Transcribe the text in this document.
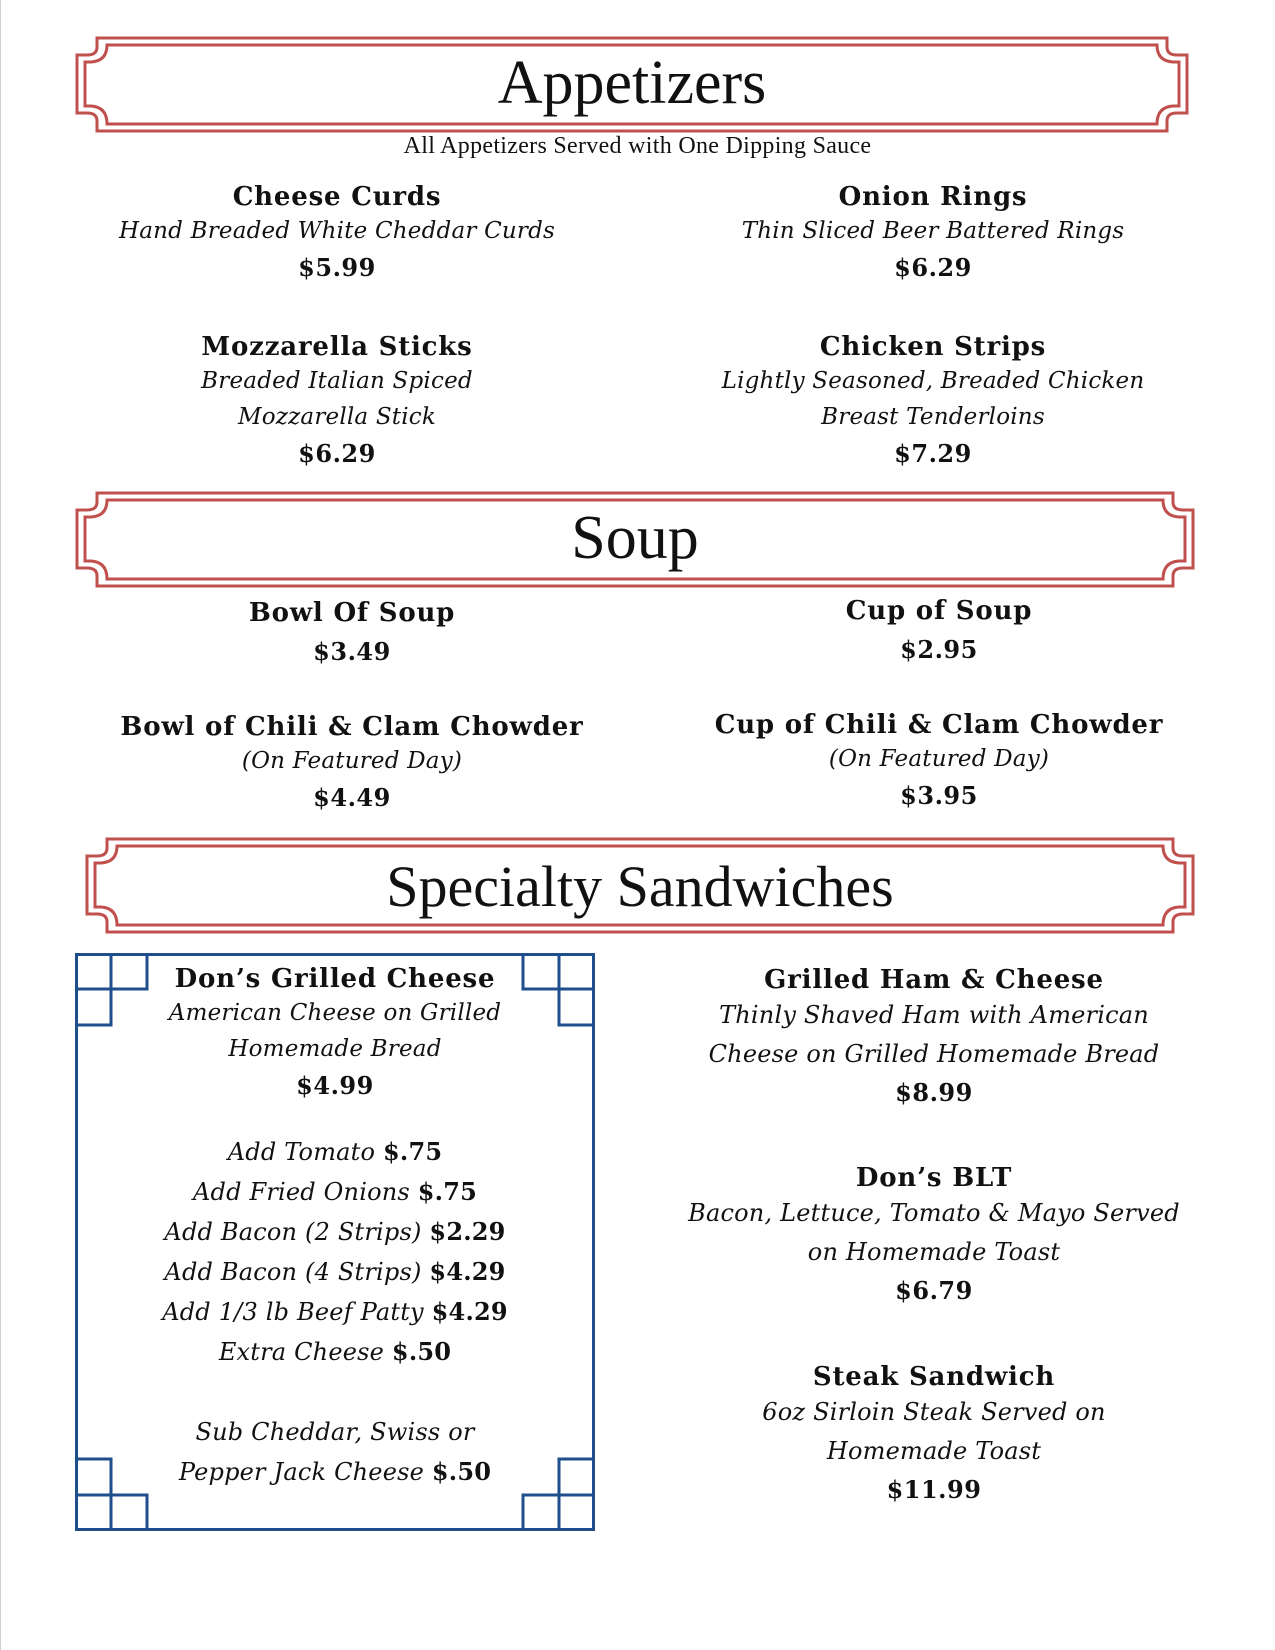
Appetizers
All Appetizers Served with One Dipping Sauce
Cheese Curds
Hand Breaded White Cheddar Curds
$5.99
Onion Rings
Thin Sliced Beer Battered Rings
$6.29
Mozzarella Sticks
Breaded Italian Spiced
Mozzarella Stick
$6.29
Chicken Strips
Lightly Seasoned, Breaded Chicken
Breast Tenderloins
$7.29
Soup
Bowl Of Soup
$3.49
Cup of Soup
$2.95
Bowl of Chili & Clam Chowder
(On Featured Day)
$4.49
Cup of Chili & Clam Chowder
(On Featured Day)
$3.95
Specialty Sandwiches
Don’s Grilled Cheese
American Cheese on Grilled
Homemade Bread
$4.99
Add Tomato $.75
Add Fried Onions $.75
Add Bacon (2 Strips) $2.29
Add Bacon (4 Strips) $4.29
Add 1/3 lb Beef Patty $4.29
Extra Cheese $.50
Sub Cheddar, Swiss or
Pepper Jack Cheese $.50
Grilled Ham & Cheese
Thinly Shaved Ham with American
Cheese on Grilled Homemade Bread
$8.99
Don’s BLT
Bacon, Lettuce, Tomato & Mayo Served
on Homemade Toast
$6.79
Steak Sandwich
6oz Sirloin Steak Served on
Homemade Toast
$11.99
